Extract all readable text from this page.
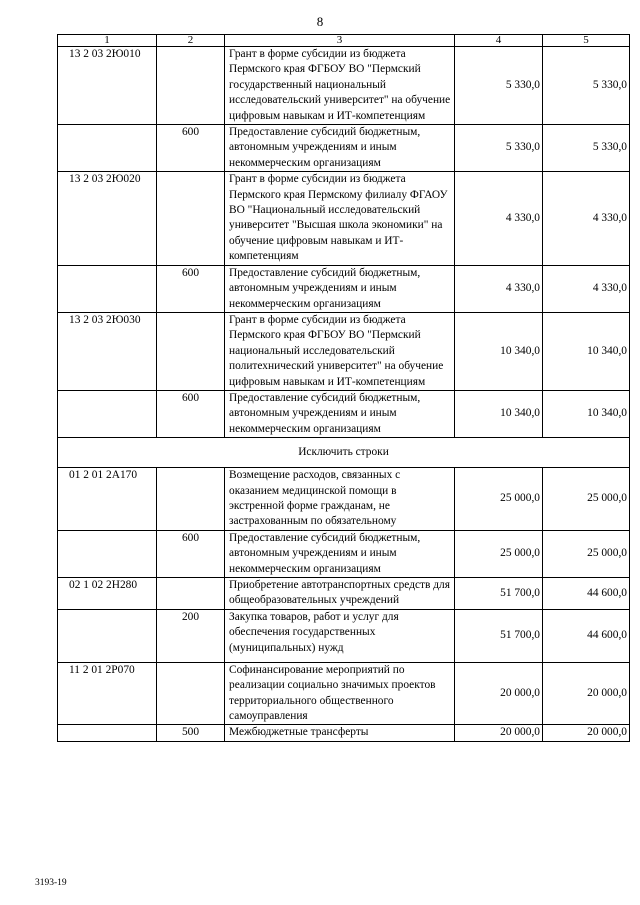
8
1	2	3	4	5
13 2 03 2Ю010		Грант в форме субсидии из бюджета Пермского края ФГБОУ ВО "Пермский государственный национальный исследовательский университет" на обучение цифровым навыкам и ИТ-компетенциям	5 330,0	5 330,0
	600	Предоставление субсидий бюджетным, автономным учреждениям и иным некоммерческим организациям	5 330,0	5 330,0
13 2 03 2Ю020		Грант в форме субсидии из бюджета Пермского края Пермскому филиалу ФГАОУ ВО "Национальный исследовательский университет "Высшая школа экономики" на обучение цифровым навыкам и ИТ-компетенциям	4 330,0	4 330,0
	600	Предоставление субсидий бюджетным, автономным учреждениям и иным некоммерческим организациям	4 330,0	4 330,0
13 2 03 2Ю030		Грант в форме субсидии из бюджета Пермского края ФГБОУ ВО "Пермский национальный исследовательский политехнический университет" на обучение цифровым навыкам и ИТ-компетенциям	10 340,0	10 340,0
	600	Предоставление субсидий бюджетным, автономным учреждениям и иным некоммерческим организациям	10 340,0	10 340,0
Исключить строки				
01 2 01 2А170		Возмещение расходов, связанных с оказанием медицинской помощи в экстренной форме гражданам, не застрахованным по обязательному	25 000,0	25 000,0
	600	Предоставление субсидий бюджетным, автономным учреждениям и иным некоммерческим организациям	25 000,0	25 000,0
02 1 02 2Н280		Приобретение автотранспортных средств для общеобразовательных учреждений	51 700,0	44 600,0
	200	Закупка товаров, работ и услуг для обеспечения государственных (муниципальных) нужд	51 700,0	44 600,0
11 2 01 2Р070		Софинансирование мероприятий по реализации социально значимых проектов территориального общественного самоуправления	20 000,0	20 000,0
	500	Межбюджетные трансферты	20 000,0	20 000,0
3193-19
